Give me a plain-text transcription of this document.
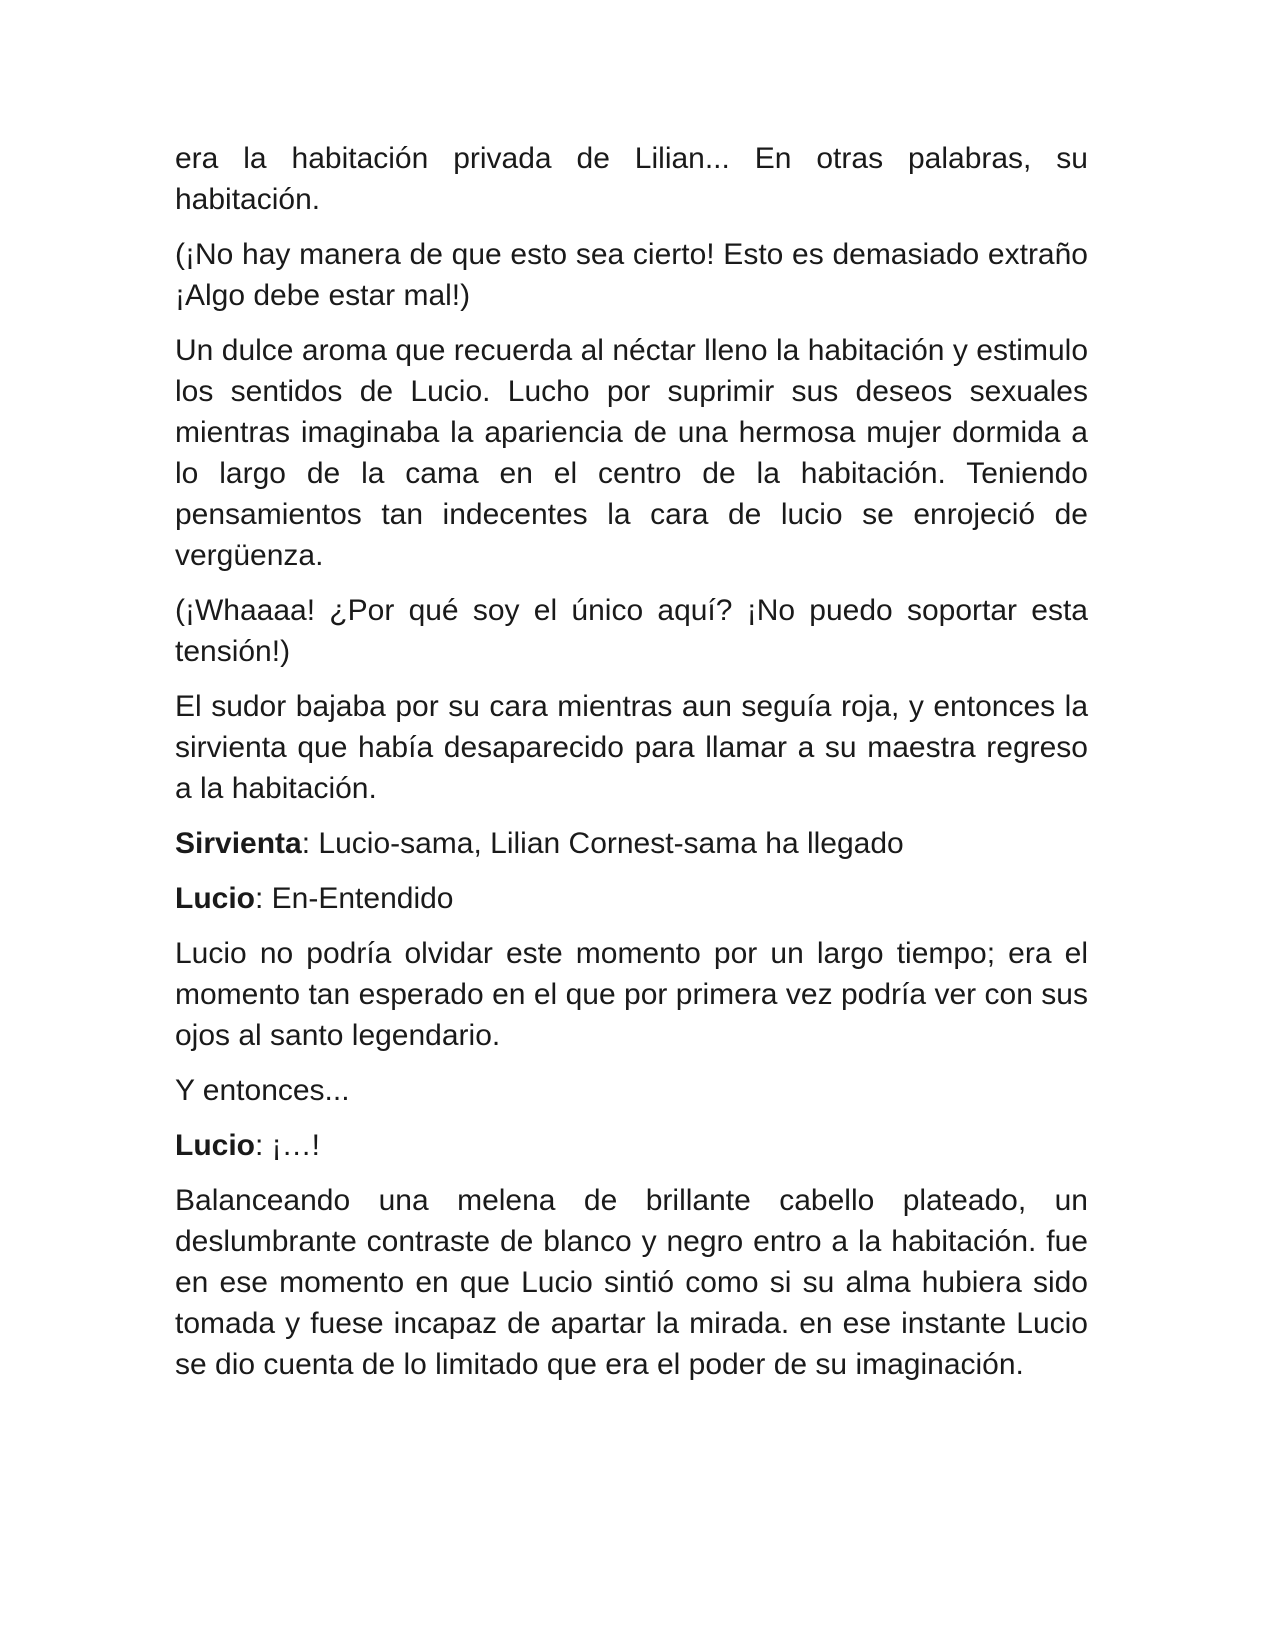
era la habitación privada de Lilian... En otras palabras, su habitación.

(¡No hay manera de que esto sea cierto! Esto es demasiado extraño ¡Algo debe estar mal!)

Un dulce aroma que recuerda al néctar lleno la habitación y estimulo los sentidos de Lucio. Lucho por suprimir sus deseos sexuales mientras imaginaba la apariencia de una hermosa mujer dormida a lo largo de la cama en el centro de la habitación. Teniendo pensamientos tan indecentes la cara de lucio se enrojeció de vergüenza.

(¡Whaaaa! ¿Por qué soy el único aquí? ¡No puedo soportar esta tensión!)

El sudor bajaba por su cara mientras aun seguía roja, y entonces la sirvienta que había desaparecido para llamar a su maestra regreso a la habitación.

Sirvienta: Lucio-sama, Lilian Cornest-sama ha llegado

Lucio: En-Entendido

Lucio no podría olvidar este momento por un largo tiempo; era el momento tan esperado en el que por primera vez podría ver con sus ojos al santo legendario.

Y entonces...

Lucio: ¡…!

Balanceando una melena de brillante cabello plateado, un deslumbrante contraste de blanco y negro entro a la habitación. fue en ese momento en que Lucio sintió como si su alma hubiera sido tomada y fuese incapaz de apartar la mirada. en ese instante Lucio se dio cuenta de lo limitado que era el poder de su imaginación.
